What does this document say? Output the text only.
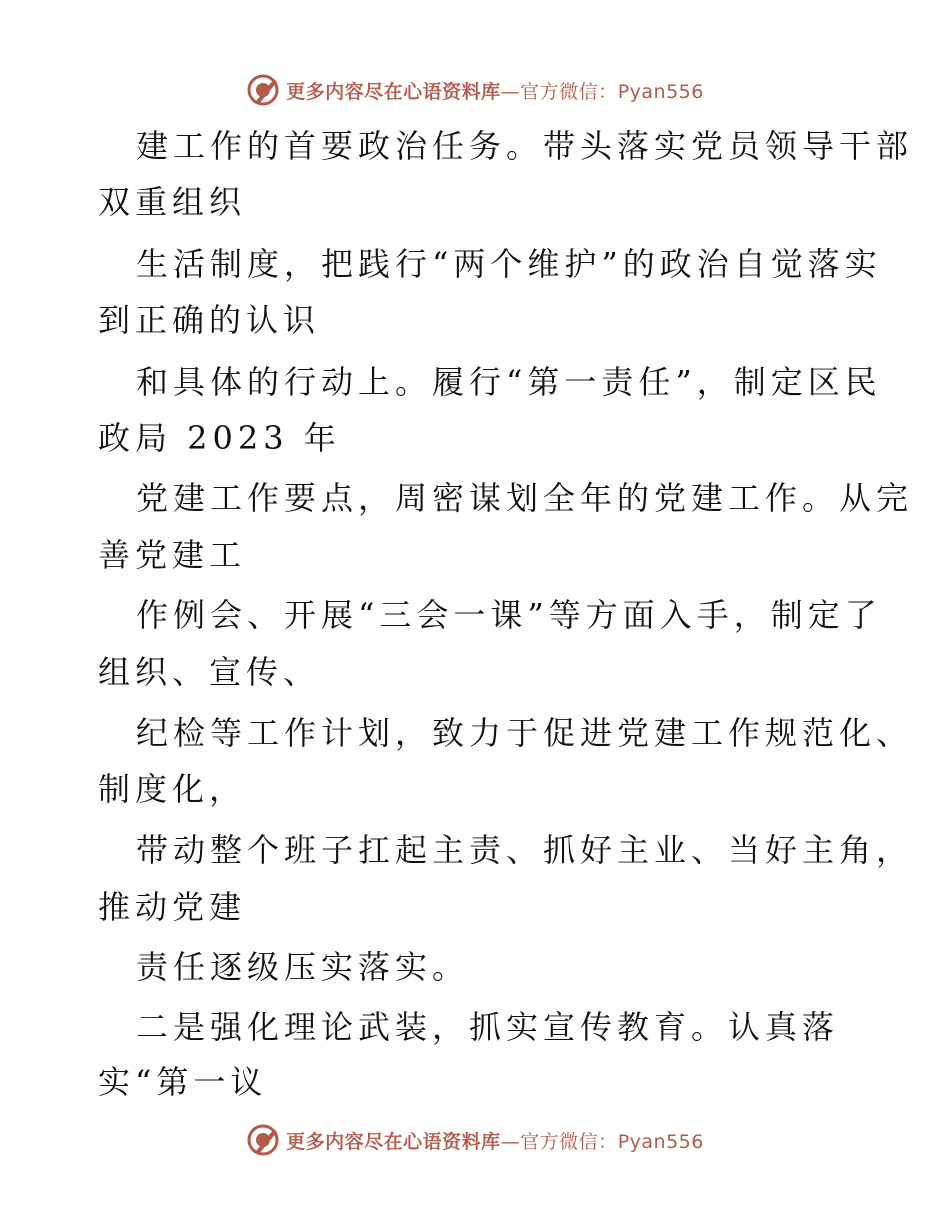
更多内容尽在心语资料库—官方微信：Pyan556
建工作的首要政治任务。带头落实党员领导干部
双重组织
生活制度，把践行“两个维护”的政治自觉落实
到正确的认识
和具体的行动上。履行“第一责任”，制定区民
政局 2023 年
党建工作要点，周密谋划全年的党建工作。从完
善党建工
作例会、开展“三会一课”等方面入手，制定了
组织、宣传、
纪检等工作计划，致力于促进党建工作规范化、
制度化，
带动整个班子扛起主责、抓好主业、当好主角，
推动党建
责任逐级压实落实。
二是强化理论武装，抓实宣传教育。认真落
实“第一议
更多内容尽在心语资料库—官方微信：Pyan556
